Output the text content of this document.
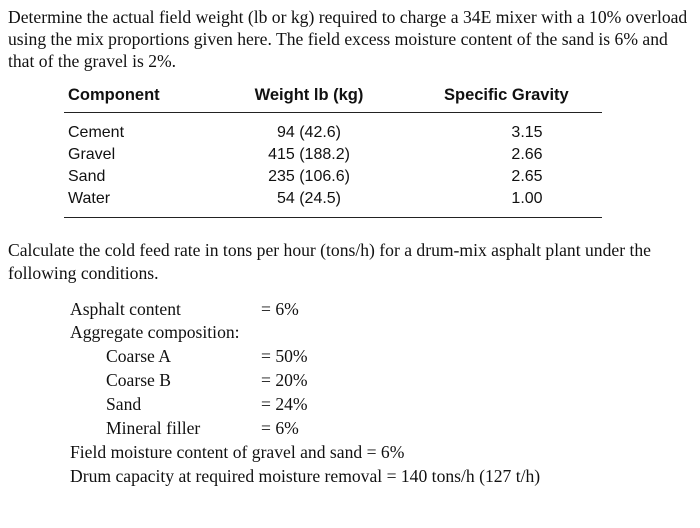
Determine the actual field weight (lb or kg) required to charge a 34E mixer with a 10% overload using the mix proportions given here. The field excess moisture content of the sand is 6% and that of the gravel is 2%.
Component	Weight lb (kg)	Specific Gravity
Cement	94 (42.6)	3.15
Gravel	415 (188.2)	2.66
Sand	235 (106.6)	2.65
Water	54 (24.5)	1.00
Calculate the cold feed rate in tons per hour (tons/h) for a drum-mix asphalt plant under the following conditions.
Asphalt content	= 6%
Aggregate composition:
Coarse A	= 50%
Coarse B	= 20%
Sand	= 24%
Mineral filler	= 6%
Field moisture content of gravel and sand = 6%
Drum capacity at required moisture removal = 140 tons/h (127 t/h)
